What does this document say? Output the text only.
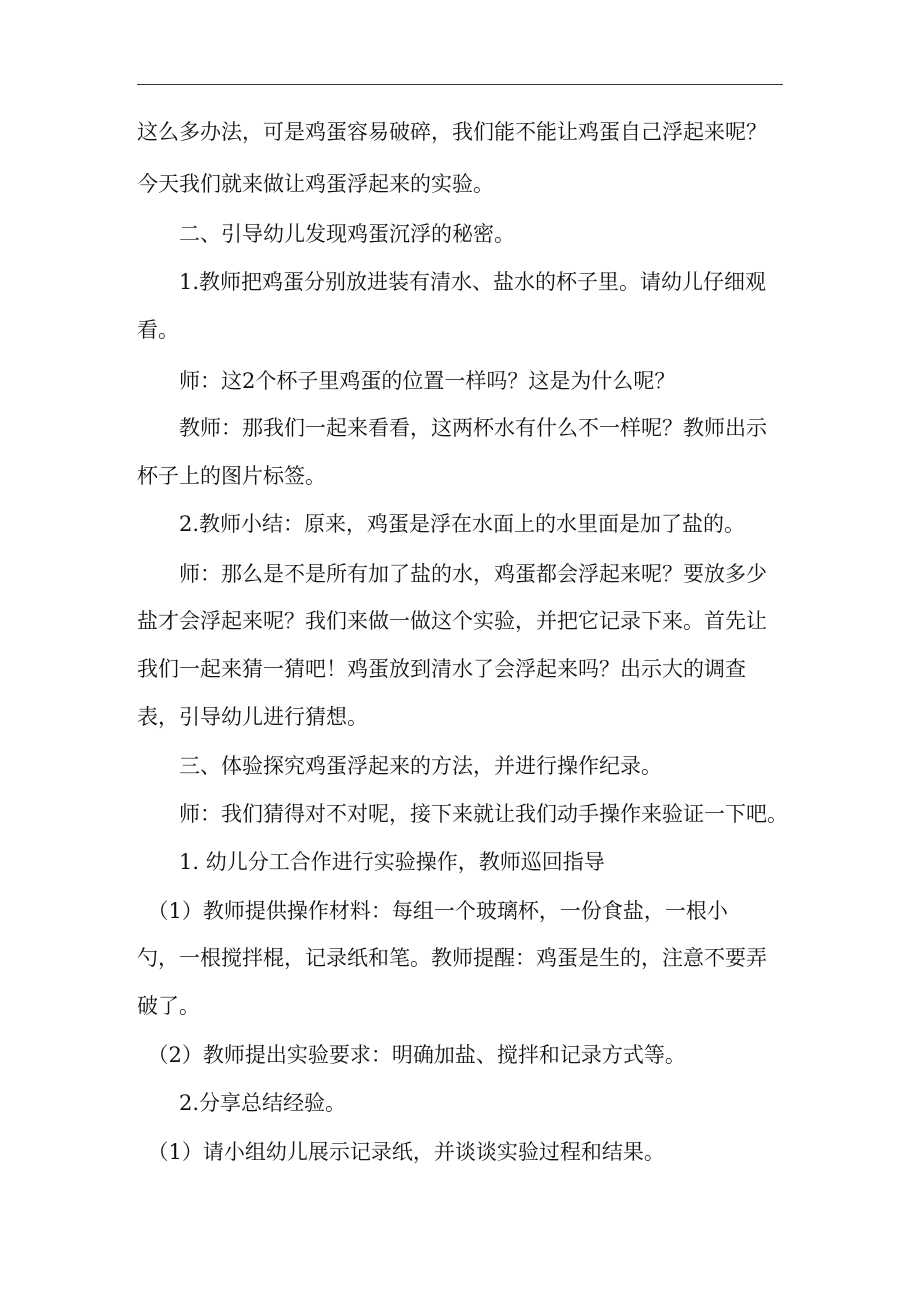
这么多办法，可是鸡蛋容易破碎，我们能不能让鸡蛋自己浮起来呢？
今天我们就来做让鸡蛋浮起来的实验。
　　二、引导幼儿发现鸡蛋沉浮的秘密。
　　1.教师把鸡蛋分别放进装有清水、盐水的杯子里。请幼儿仔细观
看。
　　师：这2个杯子里鸡蛋的位置一样吗？这是为什么呢？
　　教师：那我们一起来看看，这两杯水有什么不一样呢？教师出示
杯子上的图片标签。
　　2.教师小结：原来，鸡蛋是浮在水面上的水里面是加了盐的。
　　师：那么是不是所有加了盐的水，鸡蛋都会浮起来呢？要放多少
盐才会浮起来呢？我们来做一做这个实验，并把它记录下来。首先让
我们一起来猜一猜吧！鸡蛋放到清水了会浮起来吗？出示大的调查
表，引导幼儿进行猜想。
　　三、体验探究鸡蛋浮起来的方法，并进行操作纪录。
　　师：我们猜得对不对呢，接下来就让我们动手操作来验证一下吧。
　　1. 幼儿分工合作进行实验操作，教师巡回指导
　（1）教师提供操作材料：每组一个玻璃杯，一份食盐，一根小
勺，一根搅拌棍，记录纸和笔。教师提醒：鸡蛋是生的，注意不要弄
破了。
　（2）教师提出实验要求：明确加盐、搅拌和记录方式等。
　　2.分享总结经验。
　（1）请小组幼儿展示记录纸，并谈谈实验过程和结果。
